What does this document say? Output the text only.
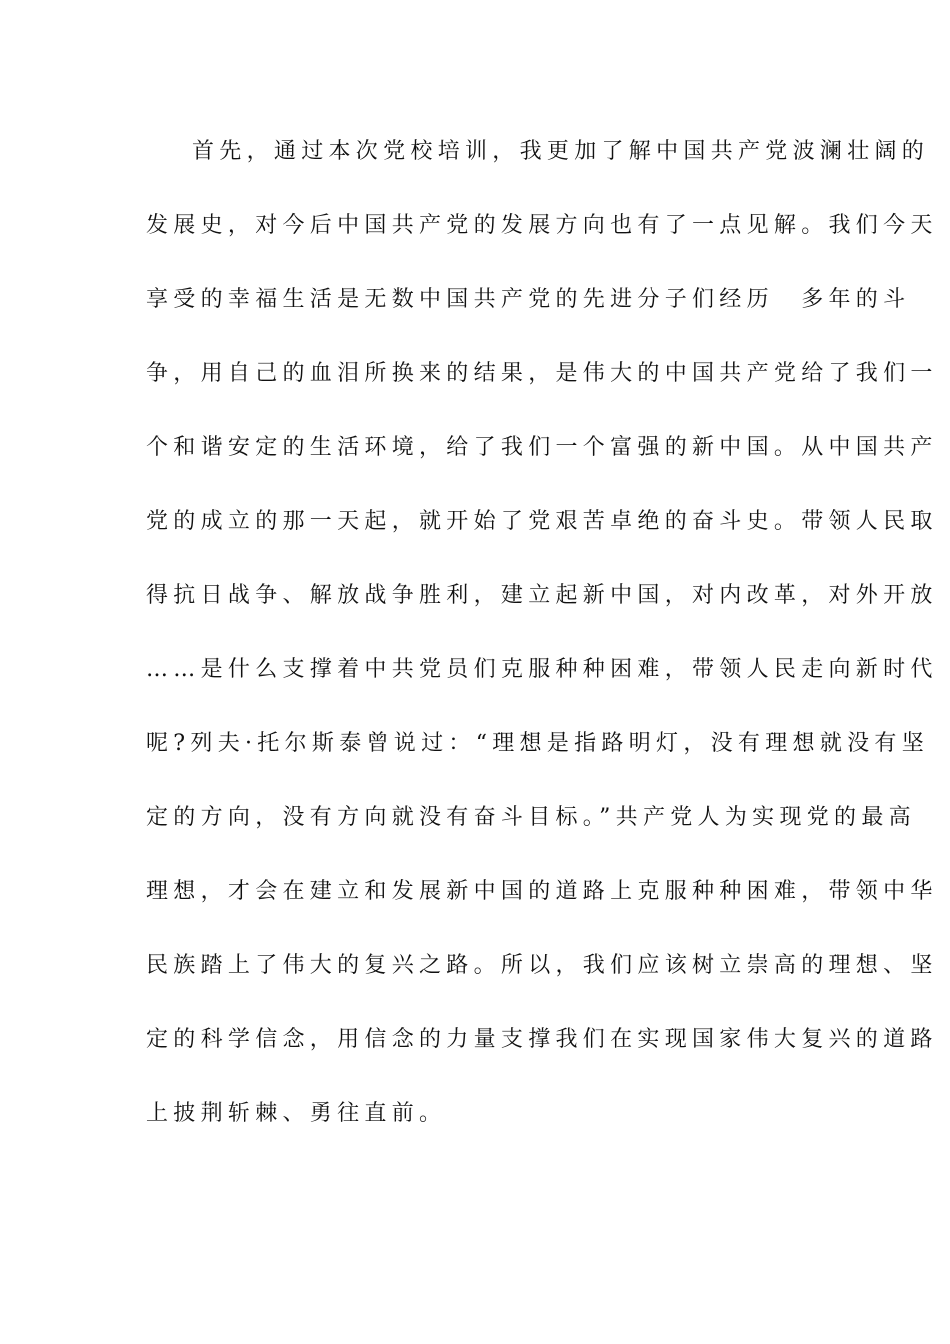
首先，通过本次党校培训，我更加了解中国共产党波澜壮阔的
发展史，对今后中国共产党的发展方向也有了一点见解。我们今天
享受的幸福生活是无数中国共产党的先进分子们经历　多年的斗
争，用自己的血泪所换来的结果，是伟大的中国共产党给了我们一
个和谐安定的生活环境，给了我们一个富强的新中国。从中国共产
党的成立的那一天起，就开始了党艰苦卓绝的奋斗史。带领人民取
得抗日战争、解放战争胜利，建立起新中国，对内改革，对外开放
……是什么支撑着中共党员们克服种种困难，带领人民走向新时代
呢?列夫·托尔斯泰曾说过：“理想是指路明灯，没有理想就没有坚
定的方向，没有方向就没有奋斗目标。”共产党人为实现党的最高
理想，才会在建立和发展新中国的道路上克服种种困难，带领中华
民族踏上了伟大的复兴之路。所以，我们应该树立崇高的理想、坚
定的科学信念，用信念的力量支撑我们在实现国家伟大复兴的道路
上披荆斩棘、勇往直前。
